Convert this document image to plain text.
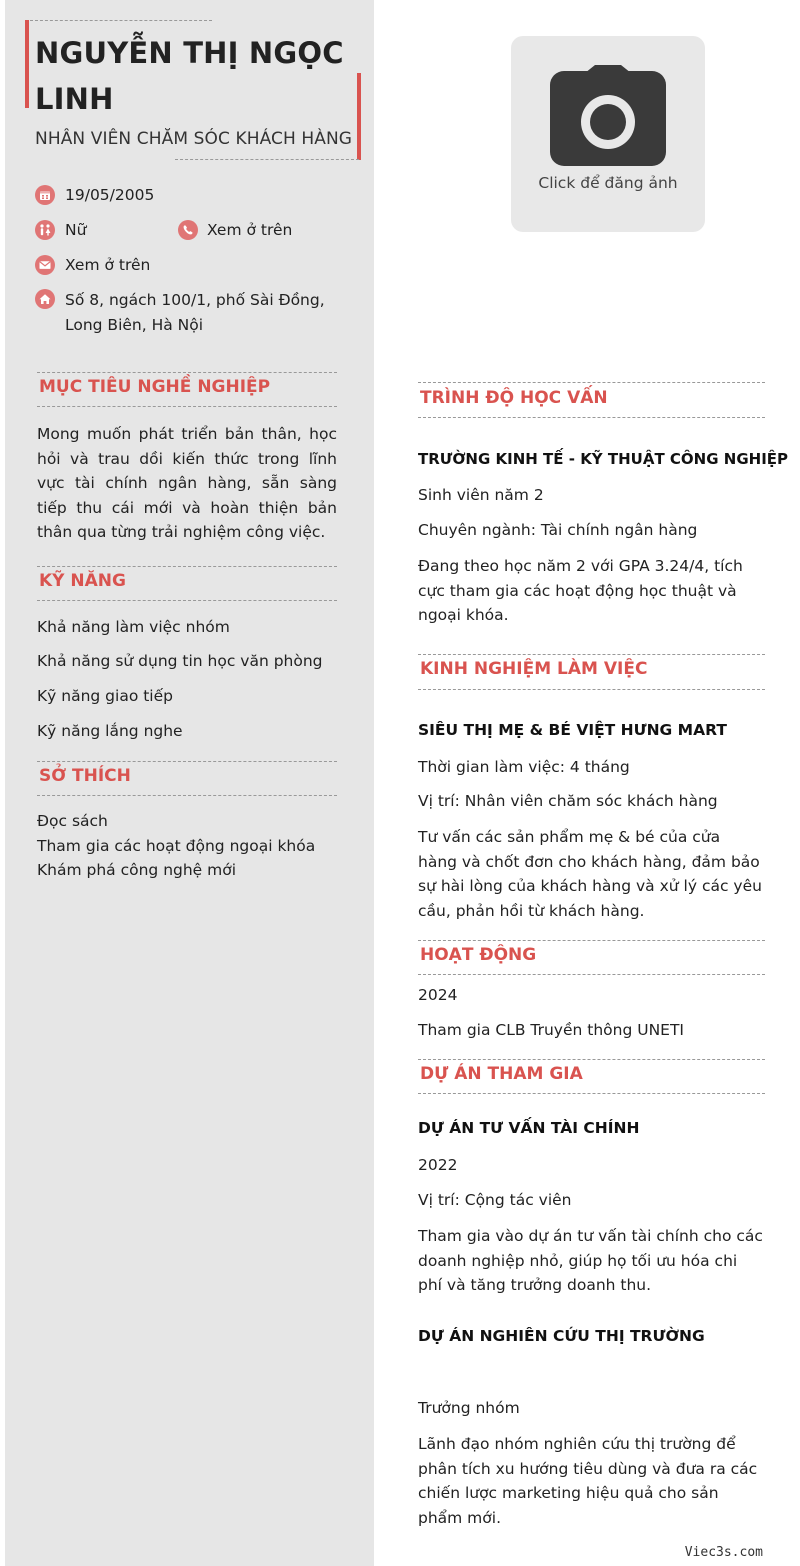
NGUYỄN THỊ NGỌC LINH
NHÂN VIÊN CHĂM SÓC KHÁCH HÀNG
19/05/2005
Nữ	Xem ở trên
Xem ở trên
Số 8, ngách 100/1, phố Sài Đồng, Long Biên, Hà Nội
MỤC TIÊU NGHỀ NGHIỆP
Mong muốn phát triển bản thân, học hỏi và trau dồi kiến thức trong lĩnh vực tài chính ngân hàng, sẵn sàng tiếp thu cái mới và hoàn thiện bản thân qua từng trải nghiệm công việc.
KỸ NĂNG
Khả năng làm việc nhóm
Khả năng sử dụng tin học văn phòng
Kỹ năng giao tiếp
Kỹ năng lắng nghe
SỞ THÍCH
Đọc sách
Tham gia các hoạt động ngoại khóa
Khám phá công nghệ mới
Click để đăng ảnh
TRÌNH ĐỘ HỌC VẤN
TRƯỜNG KINH TẾ - KỸ THUẬT CÔNG NGHIỆP
Sinh viên năm 2
Chuyên ngành: Tài chính ngân hàng
Đang theo học năm 2 với GPA 3.24/4, tích cực tham gia các hoạt động học thuật và ngoại khóa.
KINH NGHIỆM LÀM VIỆC
SIÊU THỊ MẸ & BÉ VIỆT HƯNG MART
Thời gian làm việc: 4 tháng
Vị trí: Nhân viên chăm sóc khách hàng
Tư vấn các sản phẩm mẹ & bé của cửa hàng và chốt đơn cho khách hàng, đảm bảo sự hài lòng của khách hàng và xử lý các yêu cầu, phản hồi từ khách hàng.
HOẠT ĐỘNG
2024
Tham gia CLB Truyền thông UNETI
DỰ ÁN THAM GIA
DỰ ÁN TƯ VẤN TÀI CHÍNH
2022
Vị trí: Cộng tác viên
Tham gia vào dự án tư vấn tài chính cho các doanh nghiệp nhỏ, giúp họ tối ưu hóa chi phí và tăng trưởng doanh thu.
DỰ ÁN NGHIÊN CỨU THỊ TRƯỜNG
Trưởng nhóm
Lãnh đạo nhóm nghiên cứu thị trường để phân tích xu hướng tiêu dùng và đưa ra các chiến lược marketing hiệu quả cho sản phẩm mới.
Viec3s.com
